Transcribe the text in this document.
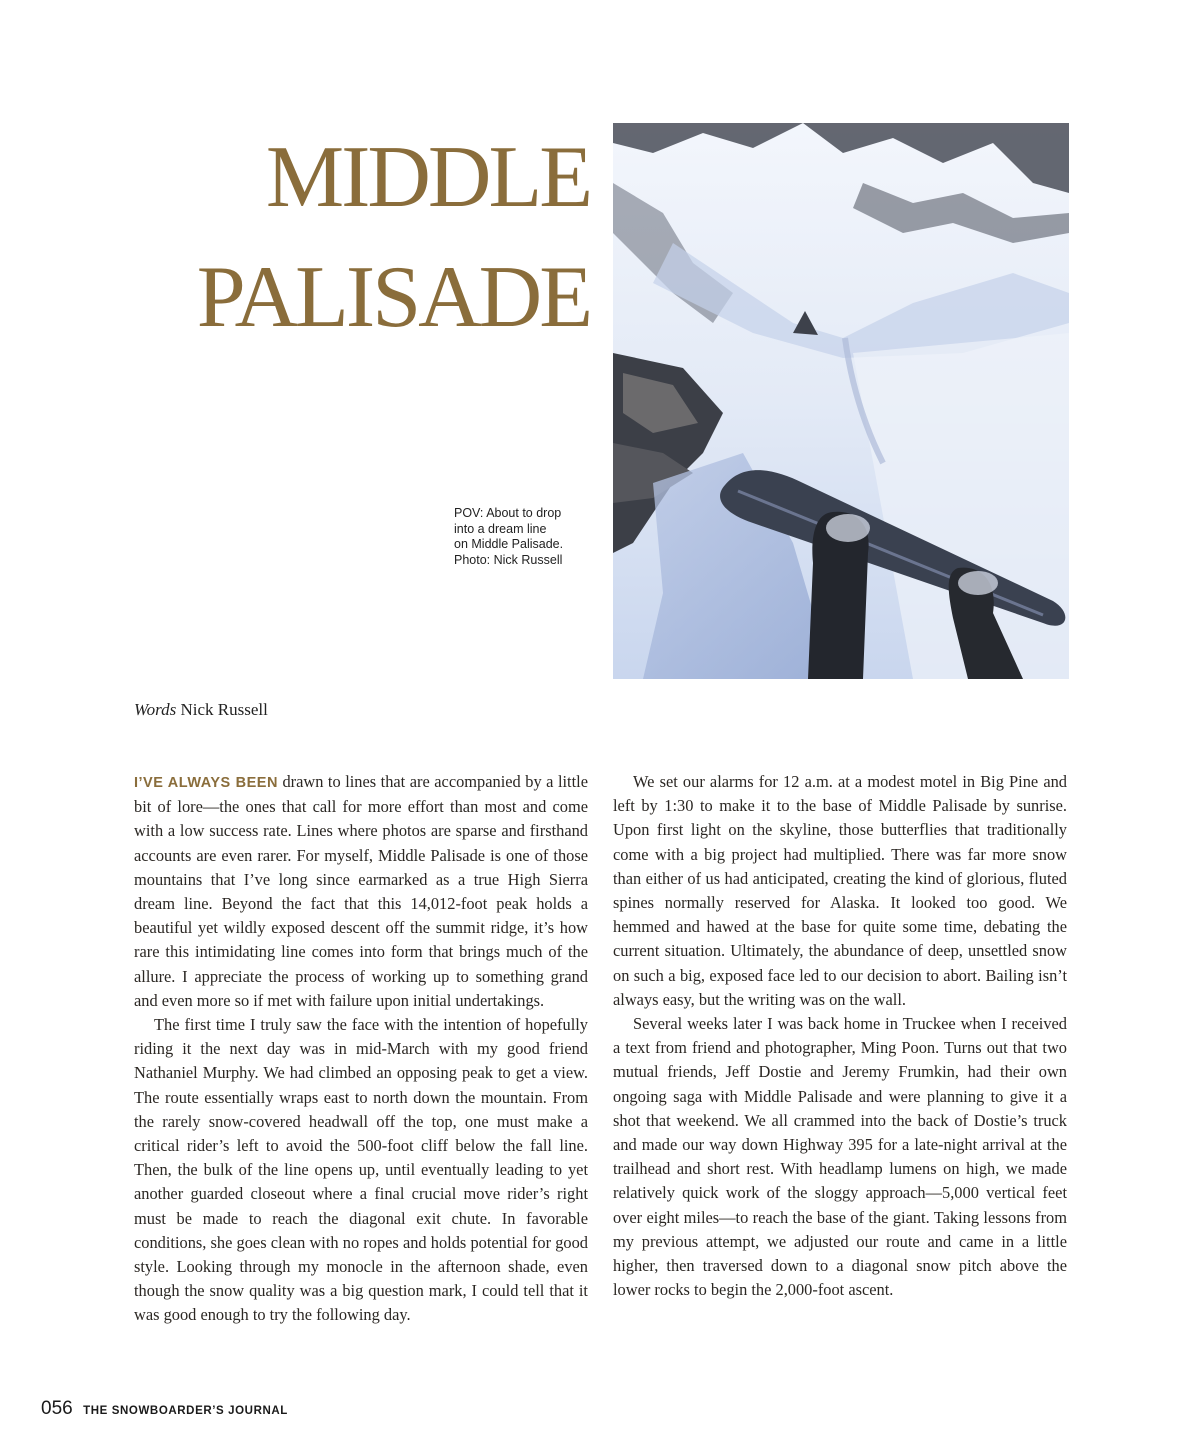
MIDDLE
PALISADE
POV: About to drop
into a dream line
on Middle Palisade.
Photo: Nick Russell
Words Nick Russell

I’VE ALWAYS BEEN drawn to lines that are accompanied by a little bit of lore—the ones that call for more effort than most and come with a low success rate. Lines where photos are sparse and firsthand accounts are even rarer. For myself, Middle Palisade is one of those mountains that I’ve long since earmarked as a true High Sierra dream line. Beyond the fact that this 14,012-foot peak holds a beautiful yet wildly exposed descent off the summit ridge, it’s how rare this intimidating line comes into form that brings much of the allure. I appreciate the process of working up to something grand and even more so if met with failure upon initial undertakings.

The first time I truly saw the face with the intention of hopefully riding it the next day was in mid-March with my good friend Nathaniel Murphy. We had climbed an opposing peak to get a view. The route essentially wraps east to north down the mountain. From the rarely snow-covered headwall off the top, one must make a critical rider’s left to avoid the 500-foot cliff below the fall line. Then, the bulk of the line opens up, until eventually leading to yet another guarded closeout where a final crucial move rider’s right must be made to reach the diagonal exit chute. In favorable conditions, she goes clean with no ropes and holds potential for good style. Looking through my monocle in the afternoon shade, even though the snow quality was a big question mark, I could tell that it was good enough to try the following day.

We set our alarms for 12 a.m. at a modest motel in Big Pine and left by 1:30 to make it to the base of Middle Palisade by sunrise. Upon first light on the skyline, those butterflies that traditionally come with a big project had multiplied. There was far more snow than either of us had anticipated, creating the kind of glorious, fluted spines normally reserved for Alaska. It looked too good. We hemmed and hawed at the base for quite some time, debating the current situation. Ultimately, the abundance of deep, unsettled snow on such a big, exposed face led to our decision to abort. Bailing isn’t always easy, but the writing was on the wall.

Several weeks later I was back home in Truckee when I received a text from friend and photographer, Ming Poon. Turns out that two mutual friends, Jeff Dostie and Jeremy Frumkin, had their own ongoing saga with Middle Palisade and were planning to give it a shot that weekend. We all crammed into the back of Dostie’s truck and made our way down Highway 395 for a late-night arrival at the trailhead and short rest. With headlamp lumens on high, we made relatively quick work of the sloggy approach—5,000 vertical feet over eight miles—to reach the base of the giant. Taking lessons from my previous attempt, we adjusted our route and came in a little higher, then traversed down to a diagonal snow pitch above the lower rocks to begin the 2,000-foot ascent.

056 THE SNOWBOARDER’S JOURNAL
